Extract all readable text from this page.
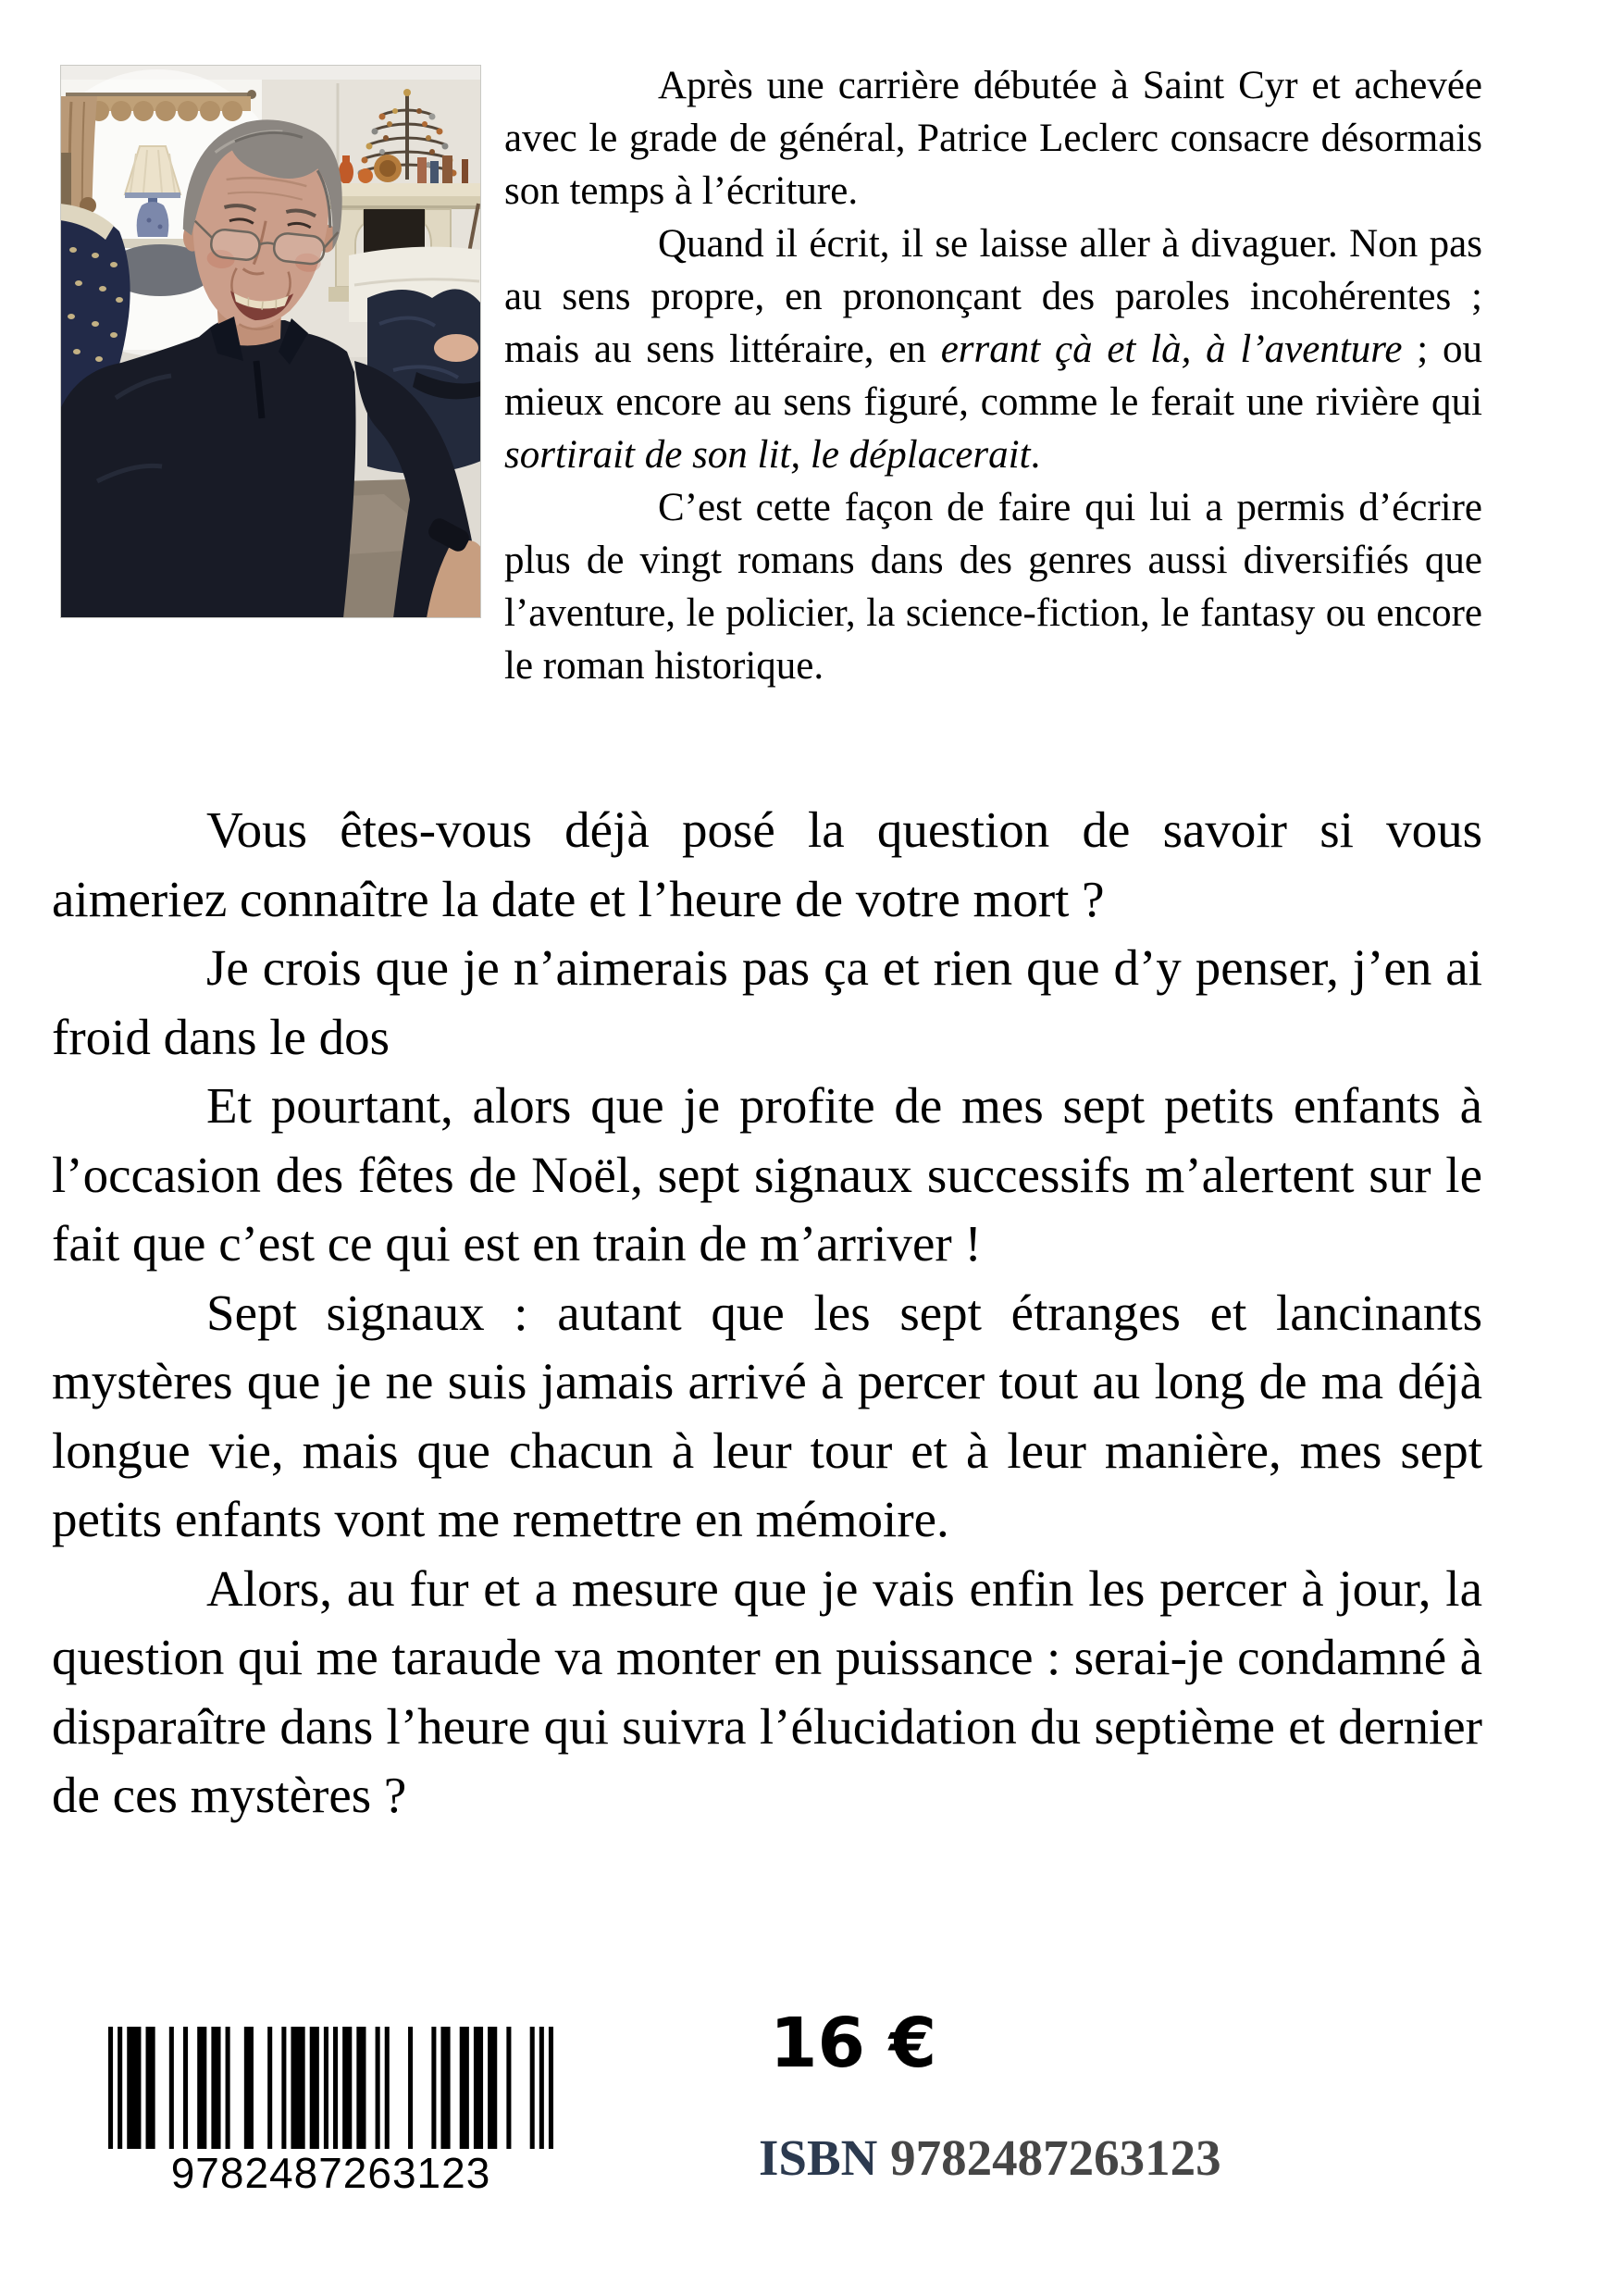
Après une carrière débutée à Saint Cyr et achevée avec le grade de général, Patrice Leclerc consacre désormais son temps à l’écriture.

Quand il écrit, il se laisse aller à divaguer. Non pas au sens propre, en prononçant des paroles incohérentes ; mais au sens littéraire, en errant çà et là, à l’aventure ; ou mieux encore au sens figuré, comme le ferait une rivière qui sortirait de son lit, le déplacerait.

C’est cette façon de faire qui lui a permis d’écrire plus de vingt romans dans des genres aussi diversifiés que l’aventure, le policier, la science-fiction, le fantasy ou encore le roman historique.

Vous êtes-vous déjà posé la question de savoir si vous aimeriez connaître la date et l’heure de votre mort ?

Je crois que je n’aimerais pas ça et rien que d’y penser, j’en ai froid dans le dos

Et pourtant, alors que je profite de mes sept petits enfants à l’occasion des fêtes de Noël, sept signaux successifs m’alertent sur le fait que c’est ce qui est en train de m’arriver !

Sept signaux : autant que les sept étranges et lancinants mystères que je ne suis jamais arrivé à percer tout au long de ma déjà longue vie, mais que chacun à leur tour et à leur manière, mes sept petits enfants vont me remettre en mémoire.

Alors, au fur et a mesure que je vais enfin les percer à jour, la question qui me taraude va monter en puissance : serai-je condamné à disparaître dans l’heure qui suivra l’élucidation du septième et dernier de ces mystères ?

9782487263123
16 €
ISBN 9782487263123
